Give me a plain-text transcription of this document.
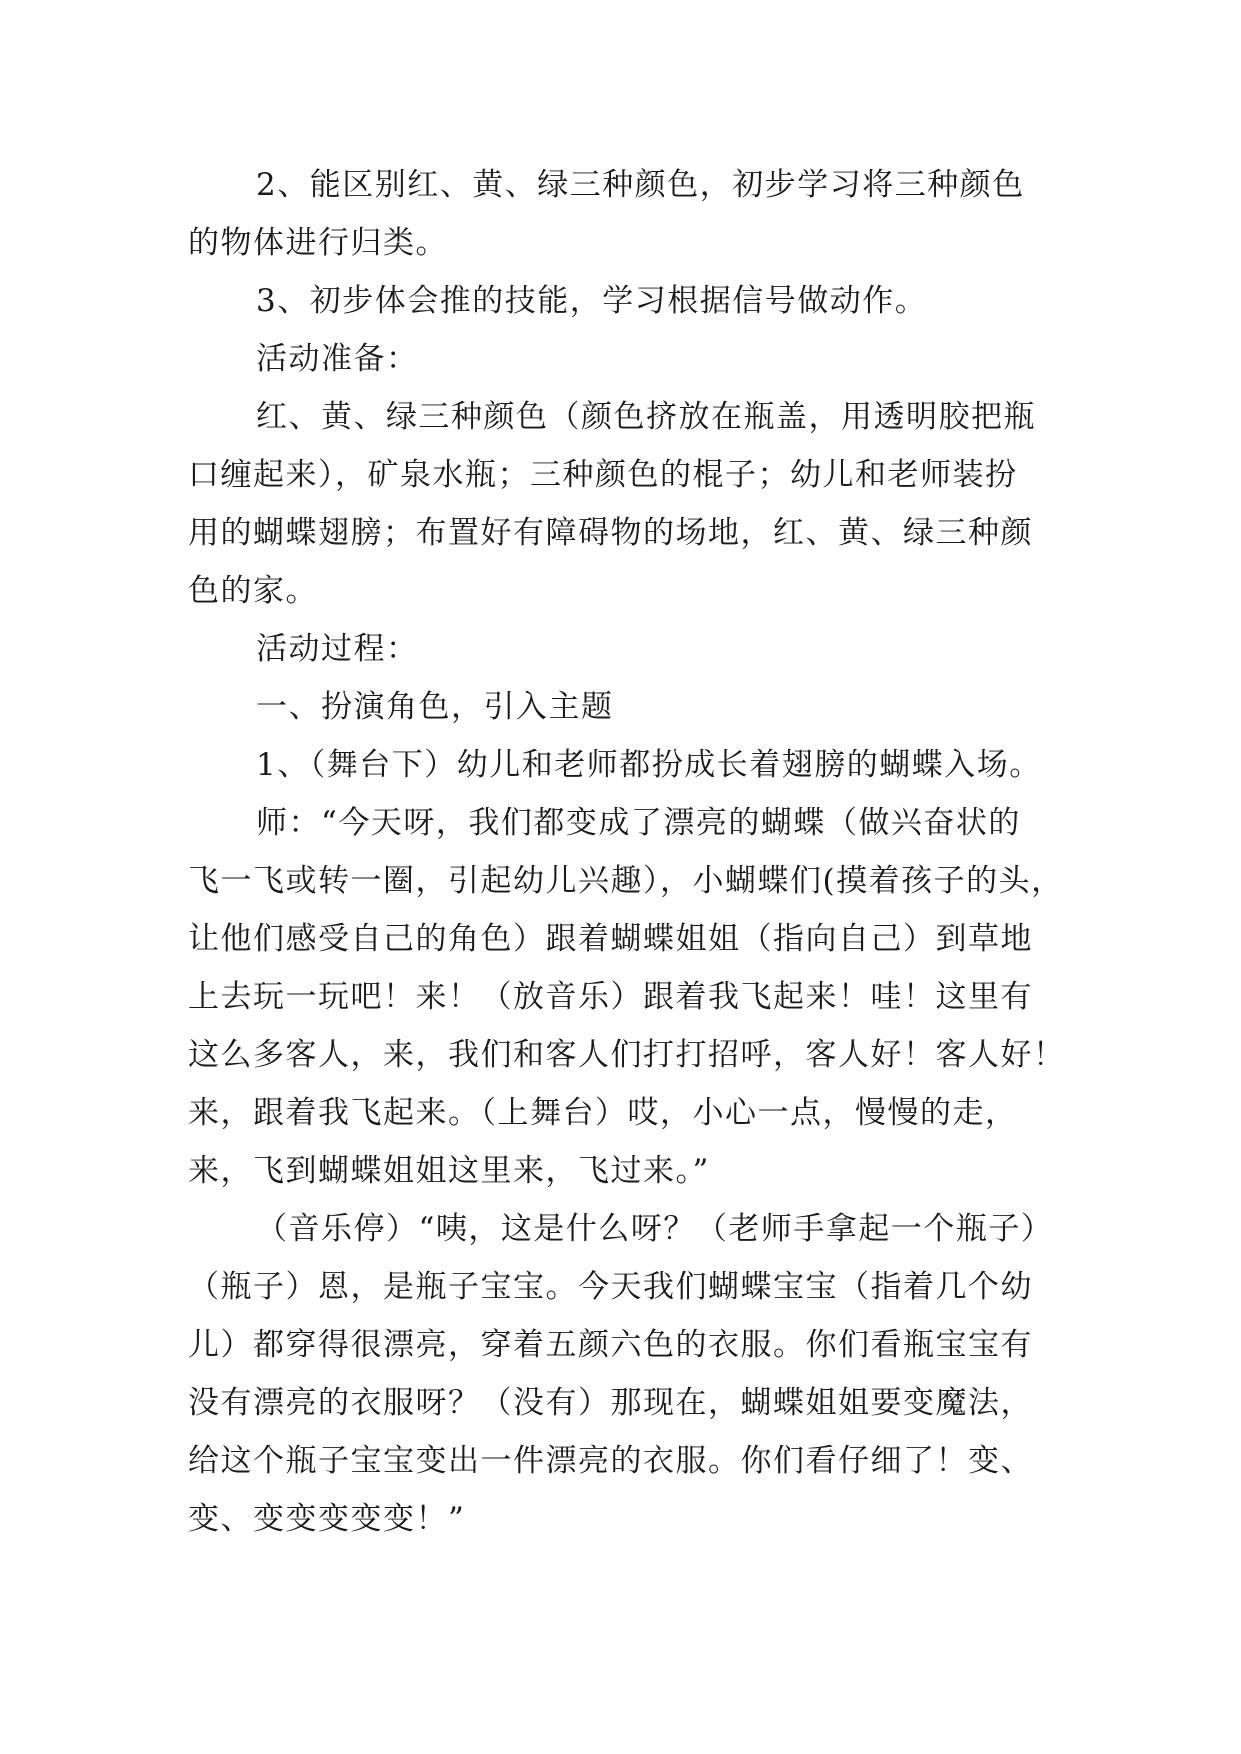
2、能区别红、黄、绿三种颜色，初步学习将三种颜色
的物体进行归类。
3、初步体会推的技能，学习根据信号做动作。
活动准备：
红、黄、绿三种颜色（颜色挤放在瓶盖，用透明胶把瓶
口缠起来），矿泉水瓶；三种颜色的棍子；幼儿和老师装扮
用的蝴蝶翅膀；布置好有障碍物的场地，红、黄、绿三种颜
色的家。
活动过程：
一、扮演角色，引入主题
1、（舞台下）幼儿和老师都扮成长着翅膀的蝴蝶入场。
师：“今天呀，我们都变成了漂亮的蝴蝶（做兴奋状的
飞一飞或转一圈，引起幼儿兴趣），小蝴蝶们(摸着孩子的头，
让他们感受自己的角色）跟着蝴蝶姐姐（指向自己）到草地
上去玩一玩吧！来！（放音乐）跟着我飞起来！哇！这里有
这么多客人，来，我们和客人们打打招呼，客人好！客人好！
来，跟着我飞起来。（上舞台）哎，小心一点，慢慢的走，
来，飞到蝴蝶姐姐这里来，飞过来。”
（音乐停）“咦，这是什么呀？（老师手拿起一个瓶子）
（瓶子）恩，是瓶子宝宝。今天我们蝴蝶宝宝（指着几个幼
儿）都穿得很漂亮，穿着五颜六色的衣服。你们看瓶宝宝有
没有漂亮的衣服呀？（没有）那现在，蝴蝶姐姐要变魔法，
给这个瓶子宝宝变出一件漂亮的衣服。你们看仔细了！变、
变、变变变变变！”
